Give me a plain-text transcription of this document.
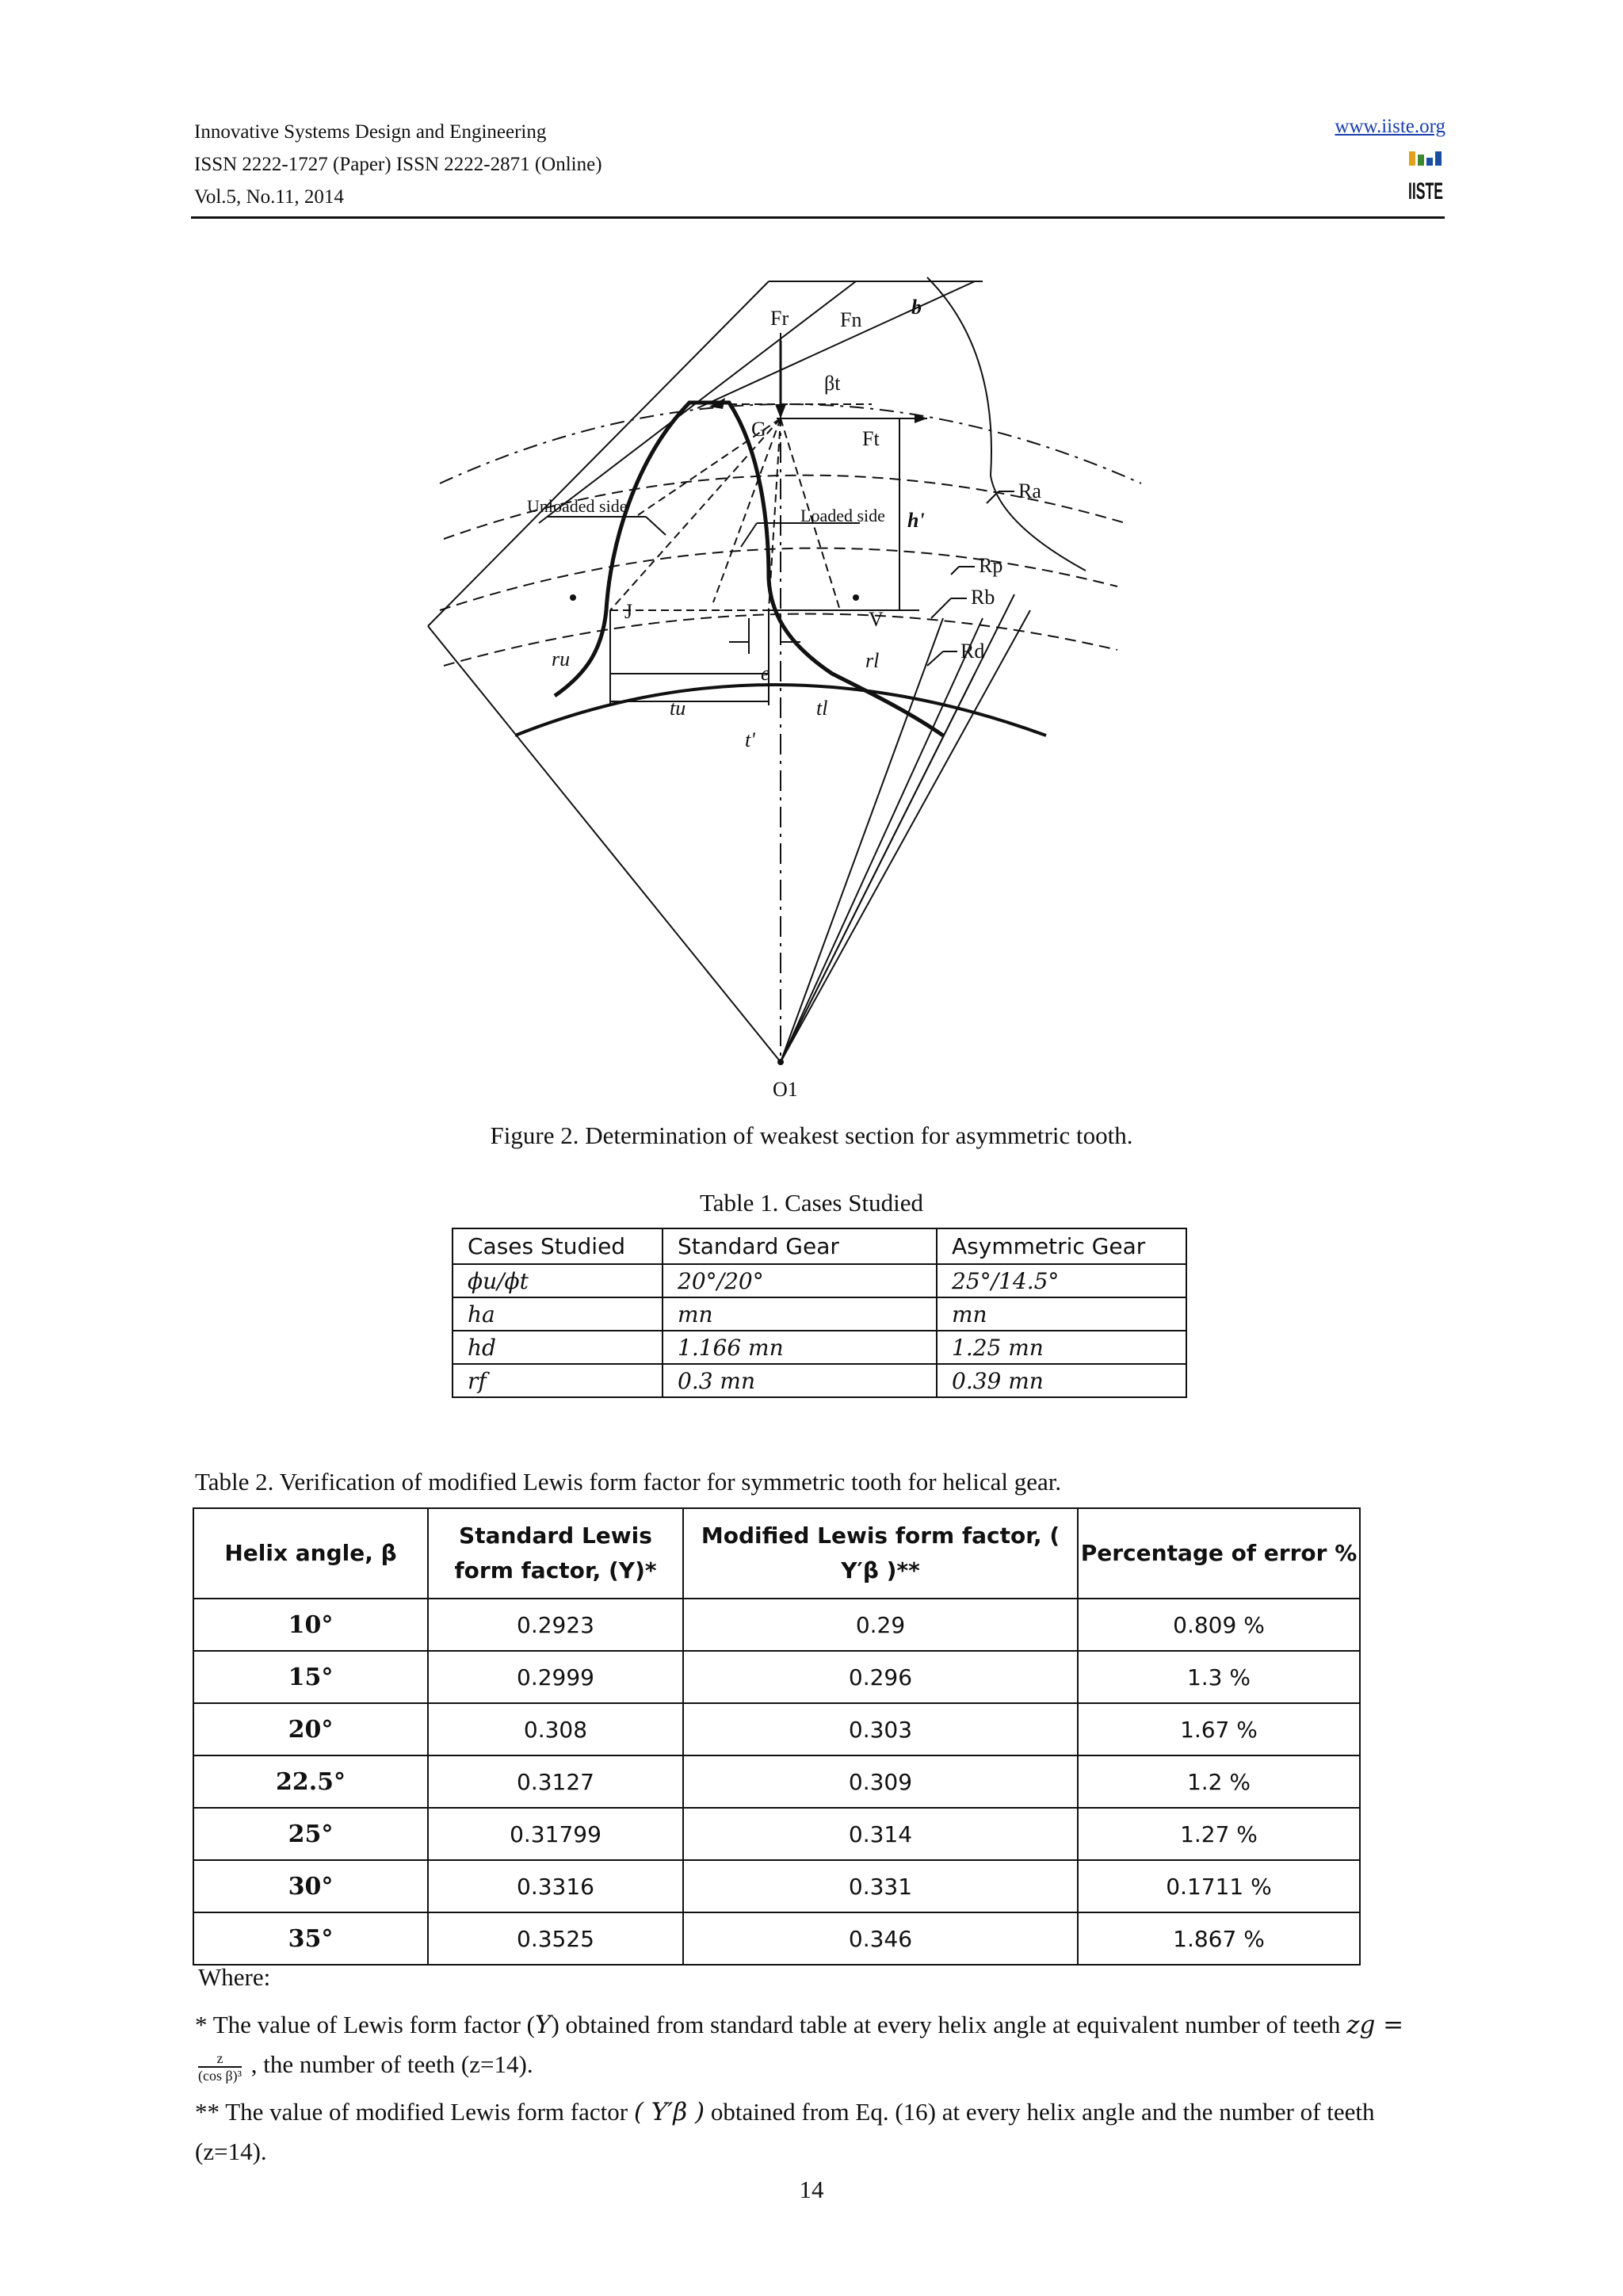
Innovative Systems Design and Engineering
ISSN 2222-1727 (Paper) ISSN 2222-2871 (Online)
Vol.5, No.11, 2014
www.iiste.org
IISTE
Fr Fn
b
βt
G	Ft
Unloaded side	Loaded side h'
Ra
Rp
Rb
Rd
J	V
ru	rl
e
tu	tl
t'
O1
Figure 2. Determination of weakest section for asymmetric tooth.
Table 1. Cases Studied
Cases Studied	Standard Gear	Asymmetric Gear
ϕu/ϕt	20°/20°	25°/14.5°
ha	mn	mn
hd	1.166 mn	1.25 mn
rf	0.3 mn	0.39 mn
Table 2. Verification of modified Lewis form factor for symmetric tooth for helical gear.
Helix angle, β	Standard Lewis form factor, (Y)*	Modified Lewis form factor, ( Y′β )**	Percentage of error %
10°	0.2923	0.29	0.809 %
15°	0.2999	0.296	1.3 %
20°	0.308	0.303	1.67 %
22.5°	0.3127	0.309	1.2 %
25°	0.31799	0.314	1.27 %
30°	0.3316	0.331	0.1711 %
35°	0.3525	0.346	1.867 %
Where:
* The value of Lewis form factor (Y) obtained from standard table at every helix angle at equivalent number of teeth zg =
$\frac{z}{\text{(cos β)³}}$ , the number of teeth (z=14).
** The value of modified Lewis form factor ( Y′β ) obtained from Eq. (16) at every helix angle and the number of teeth (z=14).
14
